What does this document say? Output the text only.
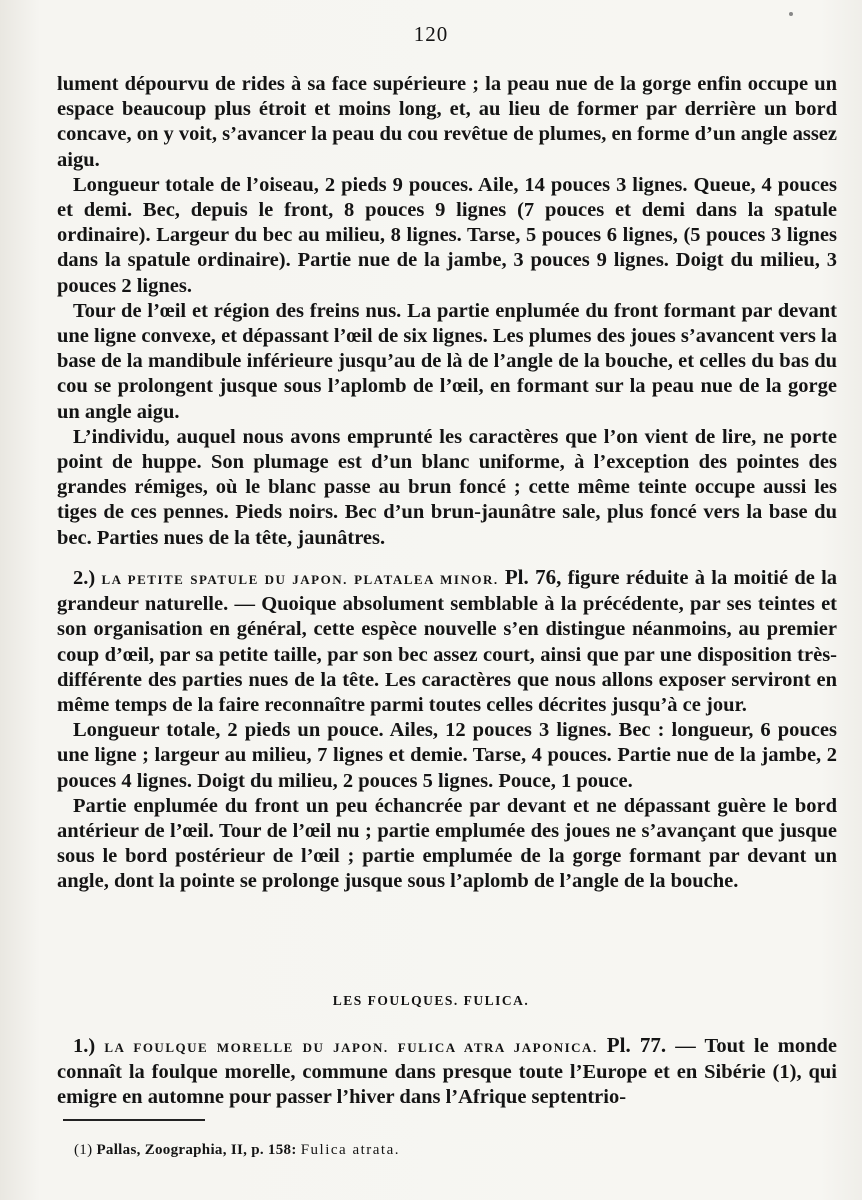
120

lument dépourvu de rides à sa face supérieure ; la peau nue de la gorge enfin occupe un espace beaucoup plus étroit et moins long, et, au lieu de former par derrière un bord concave, on y voit, s’avancer la peau du cou revêtue de plumes, en forme d’un angle assez aigu.

Longueur totale de l’oiseau, 2 pieds 9 pouces. Aile, 14 pouces 3 lignes. Queue, 4 pouces et demi. Bec, depuis le front, 8 pouces 9 lignes (7 pouces et demi dans la spatule ordinaire). Largeur du bec au milieu, 8 lignes. Tarse, 5 pouces 6 lignes, (5 pouces 3 lignes dans la spatule ordinaire). Partie nue de la jambe, 3 pouces 9 lignes. Doigt du milieu, 3 pouces 2 lignes.

Tour de l’œil et région des freins nus. La partie enplumée du front formant par devant une ligne convexe, et dépassant l’œil de six lignes. Les plumes des joues s’avancent vers la base de la mandibule inférieure jusqu’au de là de l’angle de la bouche, et celles du bas du cou se prolongent jusque sous l’aplomb de l’œil, en formant sur la peau nue de la gorge un angle aigu.

L’individu, auquel nous avons emprunté les caractères que l’on vient de lire, ne porte point de huppe. Son plumage est d’un blanc uniforme, à l’exception des pointes des grandes rémiges, où le blanc passe au brun foncé ; cette même teinte occupe aussi les tiges de ces pennes. Pieds noirs. Bec d’un brun-jaunâtre sale, plus foncé vers la base du bec. Parties nues de la tête, jaunâtres.

2.) LA PETITE SPATULE DU JAPON. PLATALEA MINOR. Pl. 76, figure réduite à la moitié de la grandeur naturelle. — Quoique absolument semblable à la précédente, par ses teintes et son organisation en général, cette espèce nouvelle s’en distingue néanmoins, au premier coup d’œil, par sa petite taille, par son bec assez court, ainsi que par une disposition très-différente des parties nues de la tête. Les caractères que nous allons exposer serviront en même temps de la faire reconnaître parmi toutes celles décrites jusqu’à ce jour.

Longueur totale, 2 pieds un pouce. Ailes, 12 pouces 3 lignes. Bec : longueur, 6 pouces une ligne ; largeur au milieu, 7 lignes et demie. Tarse, 4 pouces. Partie nue de la jambe, 2 pouces 4 lignes. Doigt du milieu, 2 pouces 5 lignes. Pouce, 1 pouce.

Partie enplumée du front un peu échancrée par devant et ne dépassant guère le bord antérieur de l’œil. Tour de l’œil nu ; partie emplumée des joues ne s’avançant que jusque sous le bord postérieur de l’œil ; partie emplumée de la gorge formant par devant un angle, dont la pointe se prolonge jusque sous l’aplomb de l’angle de la bouche.

LES FOULQUES. FULICA.

1.) LA FOULQUE MORELLE DU JAPON. FULICA ATRA JAPONICA. Pl. 77. — Tout le monde connaît la foulque morelle, commune dans presque toute l’Europe et en Sibérie (1), qui emigre en automne pour passer l’hiver dans l’Afrique septentrio-

(1) Pallas, Zoographia, II, p. 158: Fulica atrata.
